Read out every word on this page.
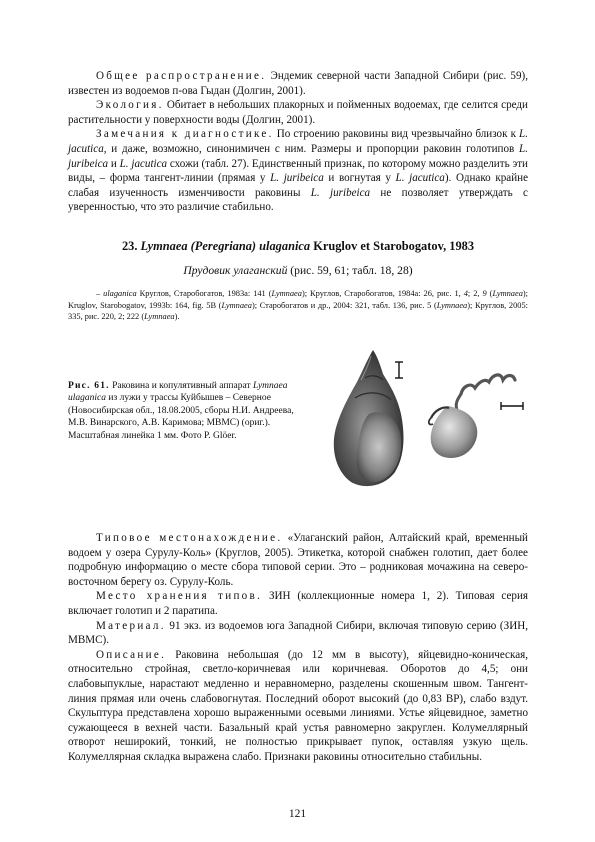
Общее распространение. Эндемик северной части Западной Сибири (рис. 59), известен из водоемов п-ова Гыдан (Долгин, 2001).

Экология. Обитает в небольших плакорных и пойменных водоемах, где селится среди растительности у поверхности воды (Долгин, 2001).

Замечания к диагностике. По строению раковины вид чрезвычайно близок к L. jacutica, и даже, возможно, синонимичен с ним. Размеры и пропорции раковин голотипов L. juribeica и L. jacutica схожи (табл. 27). Единственный признак, по которому можно разделить эти виды, – форма тангент-линии (прямая у L. juribeica и вогнутая у L. jacutica). Однако крайне слабая изученность изменчивости раковины L. juribeica не позволяет утверждать с уверенностью, что это различие стабильно.

23. Lymnaea (Peregriana) ulaganica Kruglov et Starobogatov, 1983
Прудовик улаганский (рис. 59, 61; табл. 18, 28)

– ulaganica Круглов, Старобогатов, 1983а: 141 (Lymnaea); Круглов, Старобогатов, 1984а: 26, рис. 1, 4; 2, 9 (Lymnaea); Kruglov, Starobogatov, 1993b: 164, fig. 5B (Lymnaea); Старобогатов и др., 2004: 321, табл. 136, рис. 5 (Lymnaea); Круглов, 2005: 335, рис. 220, 2; 222 (Lymnaea).

Рис. 61. Раковина и копулятивный аппарат Lymnaea ulaganica из лужи у трассы Куйбышев – Северное (Новосибирская обл., 18.08.2005, сборы Н.И. Андреева, М.В. Винарского, А.В. Каримова; МВМС) (ориг.). Масштабная линейка 1 мм. Фото P. Glöer.

Типовое местонахождение. «Улаганский район, Алтайский край, временный водоем у озера Сурулу-Коль» (Круглов, 2005). Этикетка, которой снабжен голотип, дает более подробную информацию о месте сбора типовой серии. Это – родниковая мочажина на северо-восточном берегу оз. Сурулу-Коль.

Место хранения типов. ЗИН (коллекционные номера 1, 2). Типовая серия включает голотип и 2 паратипа.

Материал. 91 экз. из водоемов юга Западной Сибири, включая типовую серию (ЗИН, МВМС).

Описание. Раковина небольшая (до 12 мм в высоту), яйцевидно-коническая, относительно стройная, светло-коричневая или коричневая. Оборотов до 4,5; они слабовыпуклые, нарастают медленно и неравномерно, разделены скошенным швом. Тангент-линия прямая или очень слабовогнутая. Последний оборот высокий (до 0,83 ВР), слабо вздут. Скульптура представлена хорошо выраженными осевыми линиями. Устье яйцевидное, заметно сужающееся в вехней части. Базальный край устья равномерно закруглен. Колумеллярный отворот неширокий, тонкий, не полностью прикрывает пупок, оставляя узкую щель. Колумеллярная складка выражена слабо. Признаки раковины относительно стабильны.

121
